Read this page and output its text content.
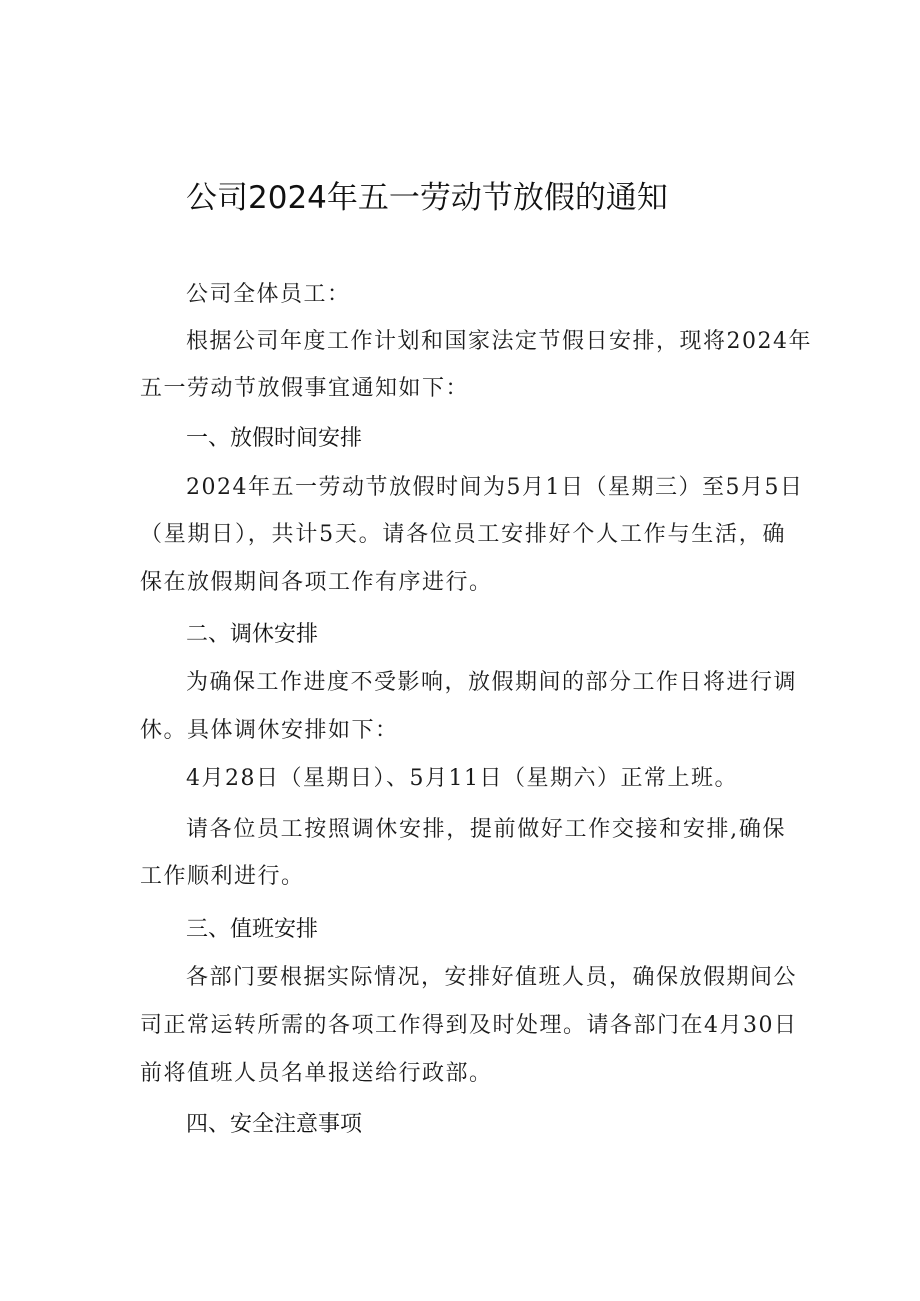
公司2024年五一劳动节放假的通知
公司全体员工：
根据公司年度工作计划和国家法定节假日安排，现将2024年
五一劳动节放假事宜通知如下：
一、放假时间安排
2024年五一劳动节放假时间为5月1日（星期三）至5月5日
（星期日），共计5天。请各位员工安排好个人工作与生活，确
保在放假期间各项工作有序进行。
二、调休安排
为确保工作进度不受影响，放假期间的部分工作日将进行调
休。具体调休安排如下：
4月28日（星期日）、5月11日（星期六）正常上班。
请各位员工按照调休安排，提前做好工作交接和安排,确保
工作顺利进行。
三、值班安排
各部门要根据实际情况，安排好值班人员，确保放假期间公
司正常运转所需的各项工作得到及时处理。请各部门在4月30日
前将值班人员名单报送给行政部。
四、安全注意事项
